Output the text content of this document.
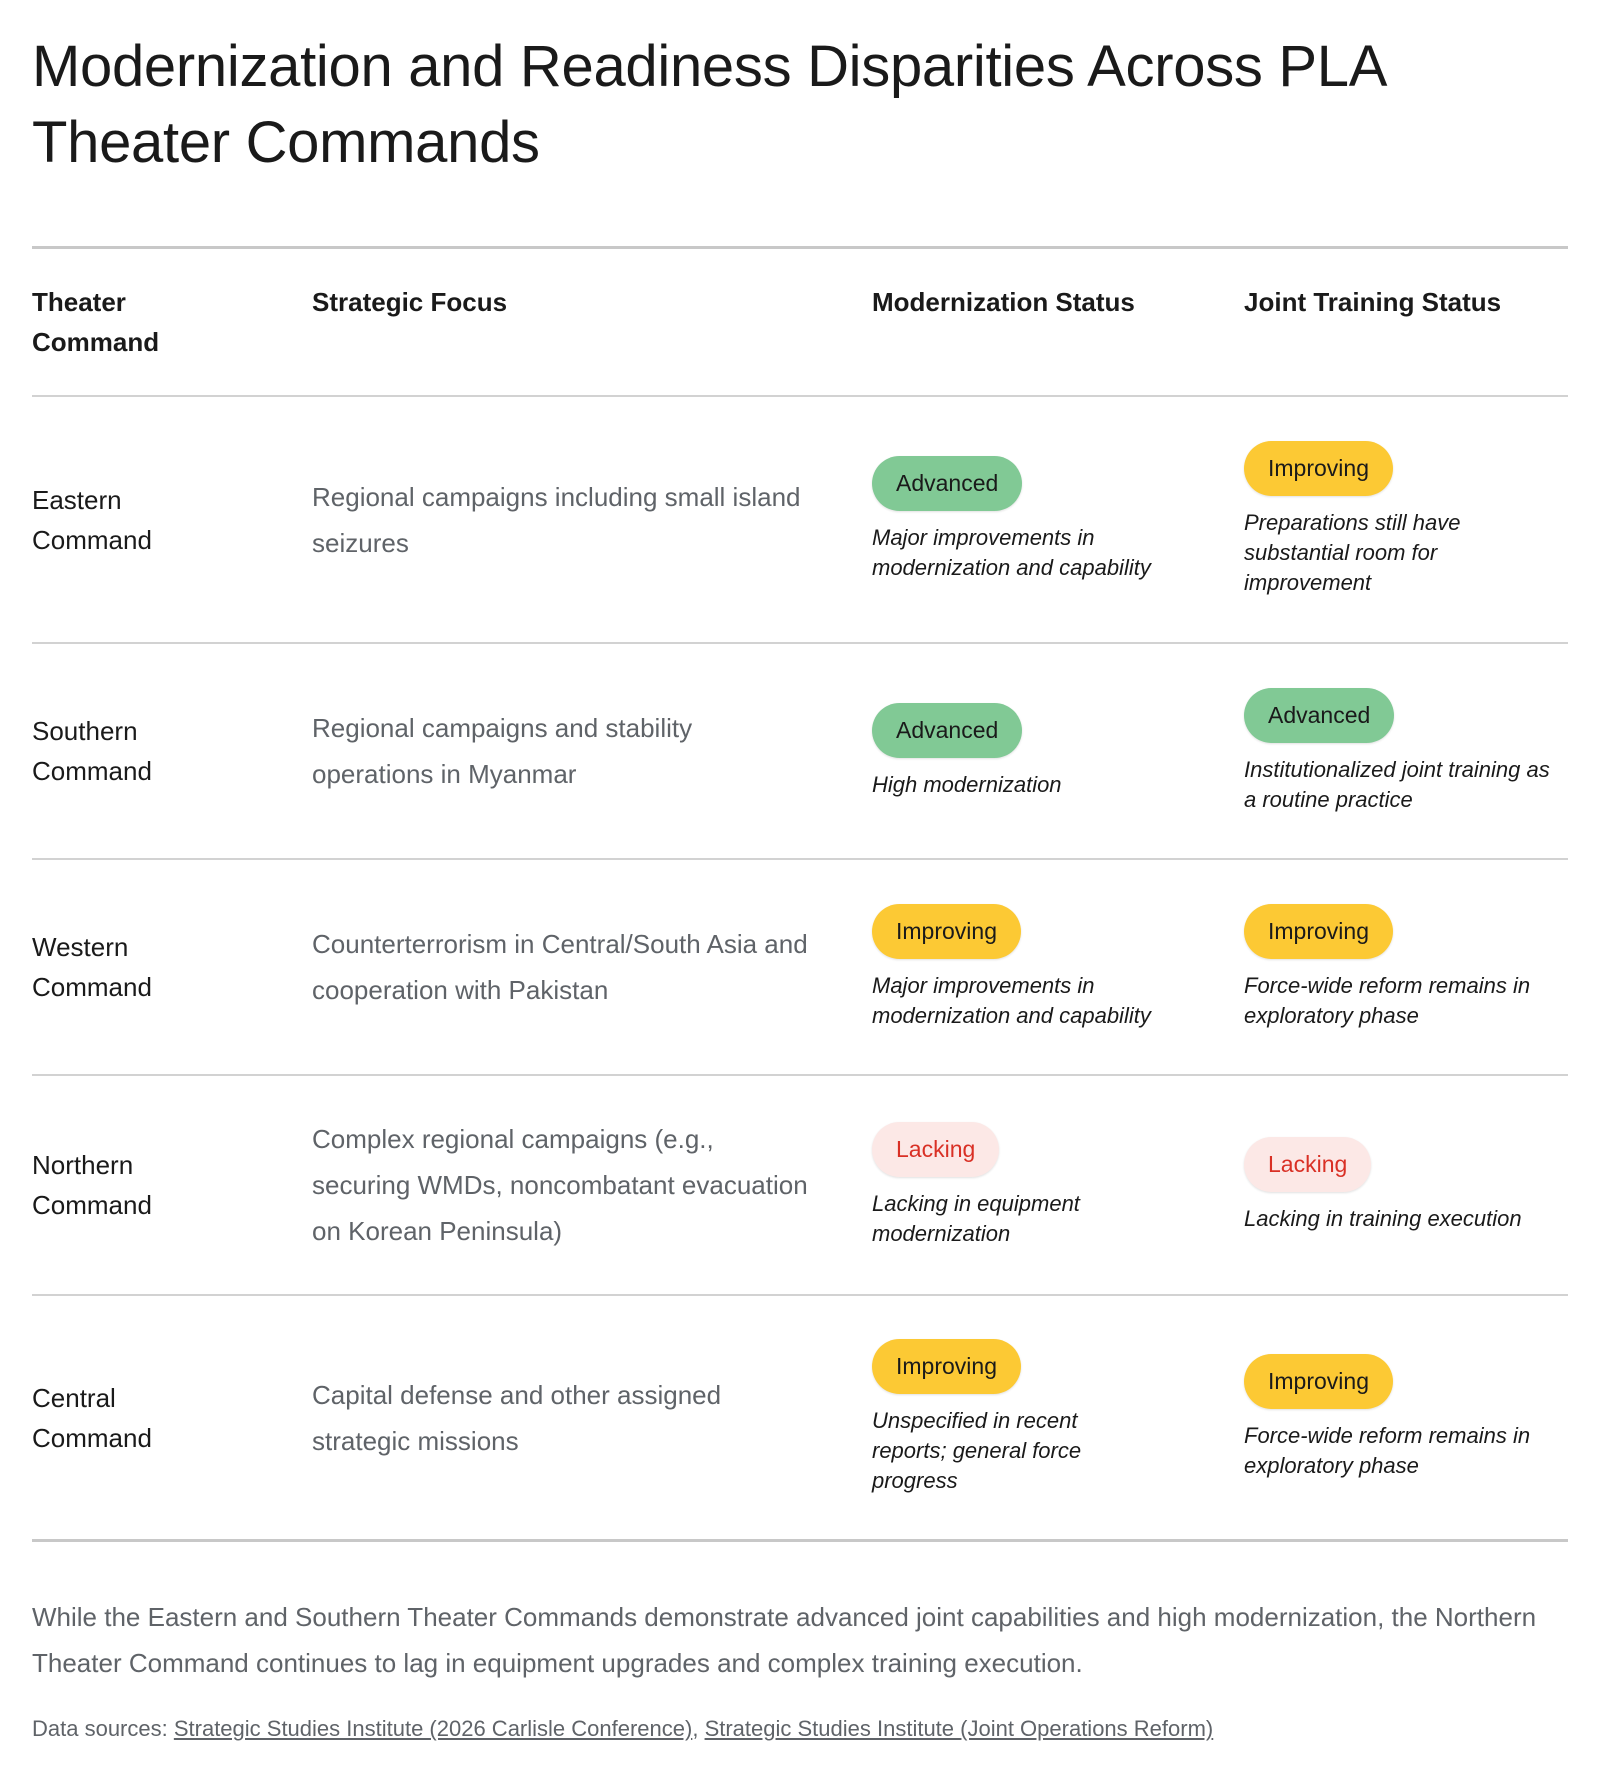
Modernization and Readiness Disparities Across PLA Theater Commands
Theater Command
Strategic Focus	Modernization Status	Joint Training Status
Eastern Command
Regional campaigns including small island seizures
Advanced
Major improvements in modernization and capability
Improving
Preparations still have substantial room for improvement
Southern Command
Regional campaigns and stability operations in Myanmar
Advanced
High modernization
Advanced
Institutionalized joint training as a routine practice
Western Command
Counterterrorism in Central/South Asia and cooperation with Pakistan
Improving
Major improvements in modernization and capability
Improving
Force-wide reform remains in exploratory phase
Northern Command
Complex regional campaigns (e.g., securing WMDs, noncombatant evacuation on Korean Peninsula)
Lacking
Lacking in equipment modernization
Lacking
Lacking in training execution
Central Command
Capital defense and other assigned strategic missions
Improving
Unspecified in recent reports; general force progress
Improving
Force-wide reform remains in exploratory phase

While the Eastern and Southern Theater Commands demonstrate advanced joint capabilities and high modernization, the Northern Theater Command continues to lag in equipment upgrades and complex training execution.

Data sources: Strategic Studies Institute (2026 Carlisle Conference), Strategic Studies Institute (Joint Operations Reform)
